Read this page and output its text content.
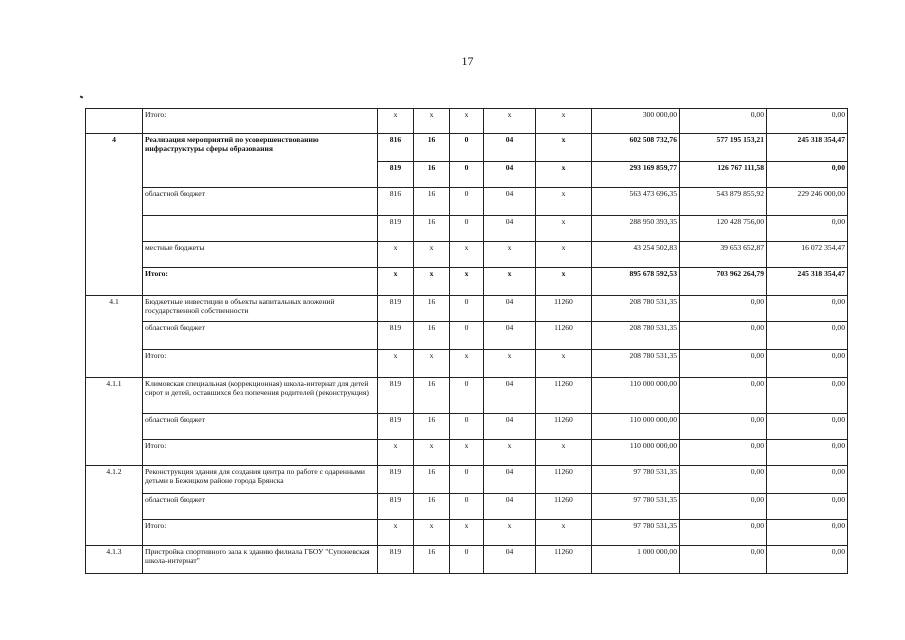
17
	Итого:	х	х	х	х	х	300 000,00	0,00	0,00
4	Реализация мероприятий по усовершенствованию инфраструктуры сферы образования	816	16	0	04	х	602 508 732,76	577 195 153,21	245 318 354,47
		819	16	0	04	х	293 169 859,77	126 767 111,58	0,00
	областной бюджет	816	16	0	04	х	563 473 696,35	543 879 855,92	229 246 000,00
		819	16	0	04	х	288 950 393,35	120 428 756,00	0,00
	местные бюджеты	х	х	х	х	х	43 254 502,83	39 653 652,87	16 072 354,47
	Итого:	х	х	х	х	х	895 678 592,53	703 962 264,79	245 318 354,47
4.1	Бюджетные инвестиции в объекты капитальных вложений государственной собственности	819	16	0	04	11260	208 780 531,35	0,00	0,00
	областной бюджет	819	16	0	04	11260	208 780 531,35	0,00	0,00
	Итого:	х	х	х	х	х	208 780 531,35	0,00	0,00
4.1.1	Климовская специальная (коррекционная) школа-интернат для детей сирот и детей, оставшихся без попечения родителей (реконструкция)	819	16	0	04	11260	110 000 000,00	0,00	0,00
	областной бюджет	819	16	0	04	11260	110 000 000,00	0,00	0,00
	Итого:	х	х	х	х	х	110 000 000,00	0,00	0,00
4.1.2	Реконструкция здания для создания центра по работе с одаренными детьми в Бежицком районе города Брянска	819	16	0	04	11260	97 780 531,35	0,00	0,00
	областной бюджет	819	16	0	04	11260	97 780 531,35	0,00	0,00
	Итого:	х	х	х	х	х	97 780 531,35	0,00	0,00
4.1.3	Пристройка спортивного зала к зданию филиала ГБОУ "Супоневская школа-интернат"	819	16	0	04	11260	1 000 000,00	0,00	0,00
